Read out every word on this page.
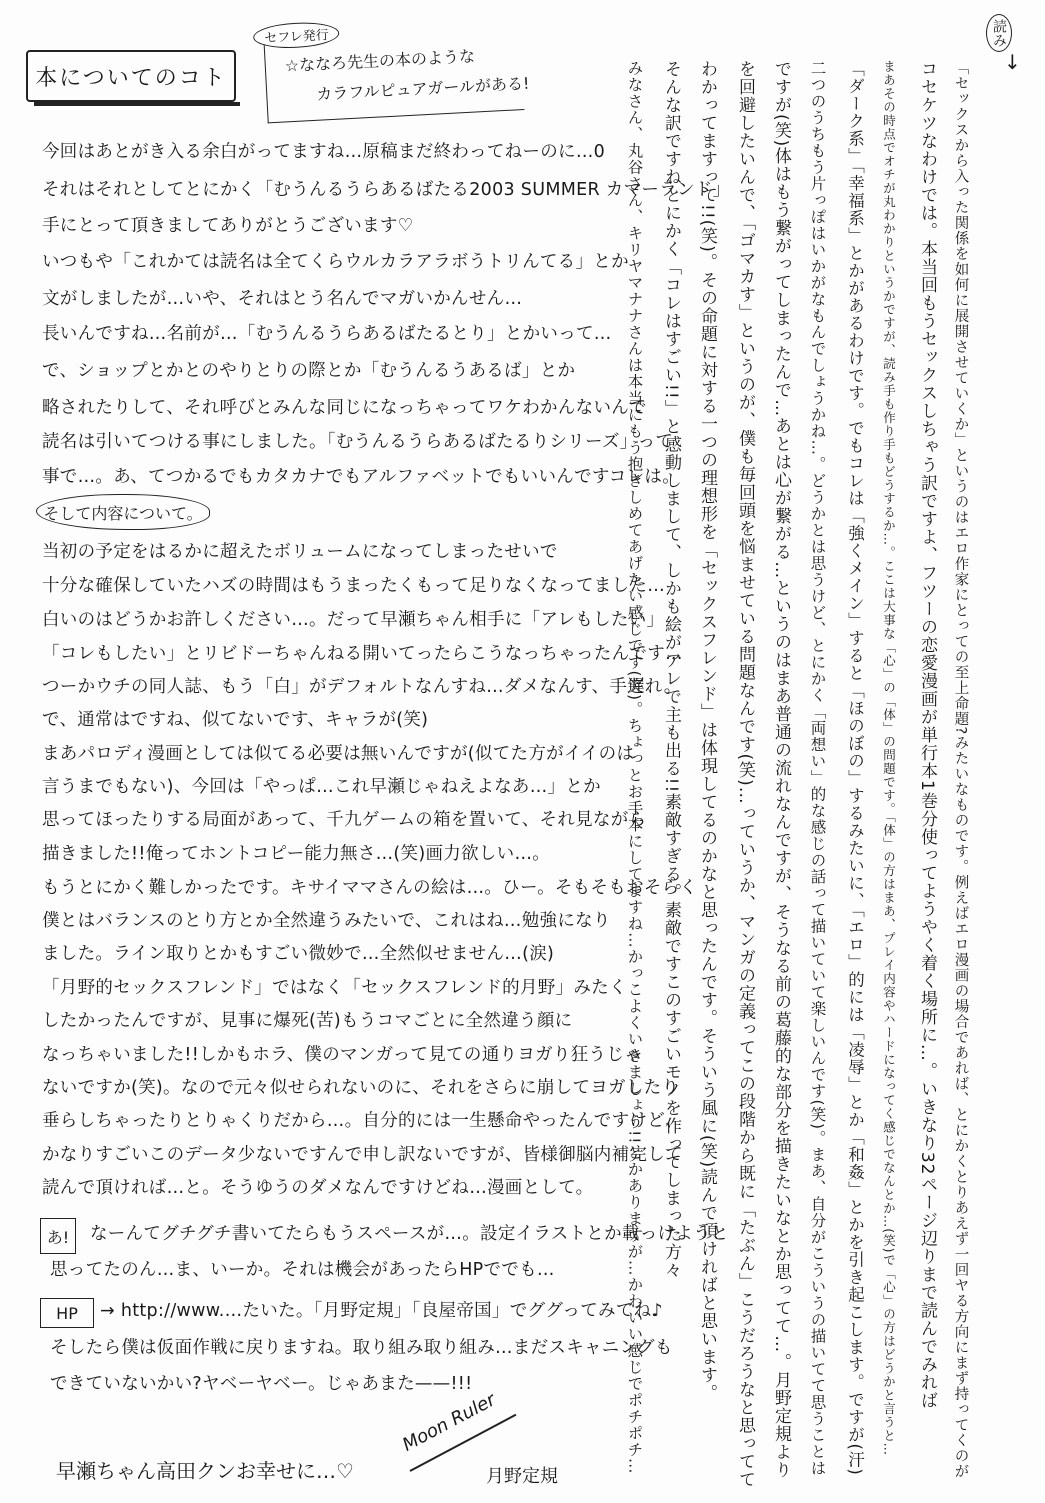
本についてのコト
セフレ発行
☆ななろ先生の本のような
カラフルピュアガールがある!
今回はあとがき入る余白がってますね…原稿まだ終わってねーのに…0
それはそれとしてとにかく「むうんるうらあるばたる2003 SUMMER カマーランド」
手にとって頂きましてありがとうございます♡
いつもや「これかては読名は全てくらウルカラアラボうトリんてる」とか
文がしましたが…いや、それはとう名んでマガいかんせん…
長いんですね…名前が…「むうんるうらあるばたるとり」とかいって…
で、ショップとかとのやりとりの際とか「むうんるうあるば」とか
略されたりして、それ呼びとみんな同じになっちゃってワケわかんないんで
読名は引いてつける事にしました。「むうんるうらあるばたるりシリーズ」って
事で…。あ、てつかるでもカタカナでもアルファベットでもいいんですコレは。
そして内容について。
当初の予定をはるかに超えたボリュームになってしまったせいで
十分な確保していたハズの時間はもうまったくもって足りなくなってました…
白いのはどうかお許しください…。だって早瀬ちゃん相手に「アレもしたい」
「コレもしたい」とリビドーちゃんねる開いてったらこうなっちゃったんです…
つーかウチの同人誌、もう「白」がデフォルトなんすね…ダメなんす、手遅れ。
で、通常はですね、似てないです、キャラが(笑)
まあパロディ漫画としては似てる必要は無いんですが(似てた方がイイのは
言うまでもない)、今回は「やっぱ…これ早瀬じゃねえよなあ…」とか
思ってほったりする局面があって、千九ゲームの箱を置いて、それ見ながら
描きました!!俺ってホントコピー能力無さ…(笑)画力欲しい…。
もうとにかく難しかったです。キサイママさんの絵は…。ひー。そもそもおそらく
僕とはバランスのとり方とか全然違うみたいで、これはね…勉強になり
ました。ライン取りとかもすごい微妙で…全然似せません…(涙)
「月野的セックスフレンド」ではなく「セックスフレンド的月野」みたく
したかったんですが、見事に爆死(苦)もうコマごとに全然違う顔に
なっちゃいました!!しかもホラ、僕のマンガって見ての通りヨガり狂うじゃ
ないですか(笑)。なので元々似せられないのに、それをさらに崩してヨガしたり
垂らしちゃったりとりゃくりだから…。自分的には一生懸命やったんですけど、
かなりすごいこのデータ少ないですんで申し訳ないですが、皆様御脳内補完して
読んで頂ければ…と。そうゆうのダメなんですけどね…漫画として。
あ!	なーんてグチグチ書いてたらもうスペースが…。設定イラストとか載っけようと
思ってたのん…ま、いーか。それは機会があったらHPででも…
HP	→ http://www.…たいた。「月野定規」「良屋帝国」でググってみてね♪
そしたら僕は仮面作戦に戻りますね。取り組み取り組み…まだスキャニングも
できていないかい?ヤベーヤベー。じゃあまた——!!!
早瀬ちゃん高田クンお幸せに…♡
Moon Ruler
月野定規
読み
↓
「セックスから入った関係を如何に展開させていくか」というのはエロ作家にとっての至上命題?みたいなものです。例えばエロ漫画の場合であれば、とにかくとりあえず一回ヤる方向にまず持ってくのが
コセケツなわけでは。本当回もうセックスしちゃう訳ですよ、フツーの恋愛漫画が単行本1巻分使ってようやく着く場所に…。いきなり32ページ辺りまで読んでみれば
まあその時点でオチが丸わかりというかですが、読み手も作り手もどうするか…。ここは大事な「心」の「体」の問題です。「体」の方はまあ、プレイ内容やハードになってく感じでなんとか…(笑)で「心」の方はどうかと言うと…
「ダーク系」「幸福系」とかがあるわけです。でもコレは「強くメイン」すると「ほのぼの」するみたいに、「エロ」的には「凌辱」とか「和姦」とかを引き起こします。ですが(汗)
二つのうちもう片っぽはいかがなもんでしょうかね…。どうかとは思うけど、とにかく「両想い」的な感じの話って描いていて楽しいんです(笑)。まあ、自分がこういうの描いてて思うことは
ですが(笑)体はもう繋がってしまったんで…あとは心が繋がる…というのはまあ普通の流れなんですが、そうなる前の葛藤的な部分を描きたいなとか思ってて…。月野定規より
を回避したいんで、「ゴマカす」というのが、僕も毎回頭を悩ませている問題なんです(笑)…っていうか、マンガの定義ってこの段階から既に「たぶん」こうだろうなと思ってて
わかってますって!!(笑)。その命題に対する一つの理想形を「セックスフレンド」は体現してるのかなと思ったんです。そういう風に(笑)読んで頂ければと思います。
そんな訳ですねとにかく「コレはすごい!!」と感動しまして、しかも絵がアレで主も出る!!素敵すぎる。素敵ですこのすごいモノを作ってしまった方々
みなさん、丸谷さん、キリヤマナナさんは本当にもう抱きしめてあげたい感じです(笑)。ちょっとお手本にしてますね…かっこよくいきましょう!!とかありますが…かわいい感じでポチポチ…
